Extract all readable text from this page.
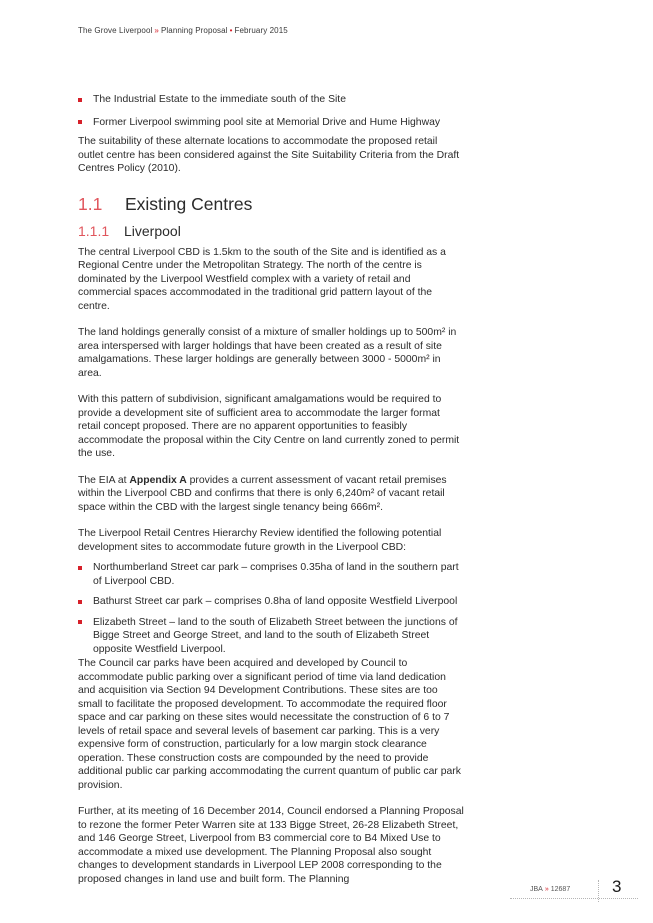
The Grove Liverpool » Planning Proposal • February 2015
The Industrial Estate to the immediate south of the Site
Former Liverpool swimming pool site at Memorial Drive and Hume Highway

The suitability of these alternate locations to accommodate the proposed retail outlet centre has been considered against the Site Suitability Criteria from the Draft Centres Policy (2010).

1.1 Existing Centres
1.1.1 Liverpool

The central Liverpool CBD is 1.5km to the south of the Site and is identified as a Regional Centre under the Metropolitan Strategy. The north of the centre is dominated by the Liverpool Westfield complex with a variety of retail and commercial spaces accommodated in the traditional grid pattern layout of the centre.

The land holdings generally consist of a mixture of smaller holdings up to 500m² in area interspersed with larger holdings that have been created as a result of site amalgamations. These larger holdings are generally between 3000 - 5000m² in area.

With this pattern of subdivision, significant amalgamations would be required to provide a development site of sufficient area to accommodate the larger format retail concept proposed. There are no apparent opportunities to feasibly accommodate the proposal within the City Centre on land currently zoned to permit the use.

The EIA at Appendix A provides a current assessment of vacant retail premises within the Liverpool CBD and confirms that there is only 6,240m² of vacant retail space within the CBD with the largest single tenancy being 666m².

The Liverpool Retail Centres Hierarchy Review identified the following potential development sites to accommodate future growth in the Liverpool CBD:

Northumberland Street car park – comprises 0.35ha of land in the southern part of Liverpool CBD.
Bathurst Street car park – comprises 0.8ha of land opposite Westfield Liverpool
Elizabeth Street – land to the south of Elizabeth Street between the junctions of Bigge Street and George Street, and land to the south of Elizabeth Street opposite Westfield Liverpool.

The Council car parks have been acquired and developed by Council to accommodate public parking over a significant period of time via land dedication and acquisition via Section 94 Development Contributions. These sites are too small to facilitate the proposed development. To accommodate the required floor space and car parking on these sites would necessitate the construction of 6 to 7 levels of retail space and several levels of basement car parking. This is a very expensive form of construction, particularly for a low margin stock clearance operation. These construction costs are compounded by the need to provide additional public car parking accommodating the current quantum of public car park provision.

Further, at its meeting of 16 December 2014, Council endorsed a Planning Proposal to rezone the former Peter Warren site at 133 Bigge Street, 26-28 Elizabeth Street, and 146 George Street, Liverpool from B3 commercial core to B4 Mixed Use to accommodate a mixed use development. The Planning Proposal also sought changes to development standards in Liverpool LEP 2008 corresponding to the proposed changes in land use and built form. The Planning

JBA » 12687 3
